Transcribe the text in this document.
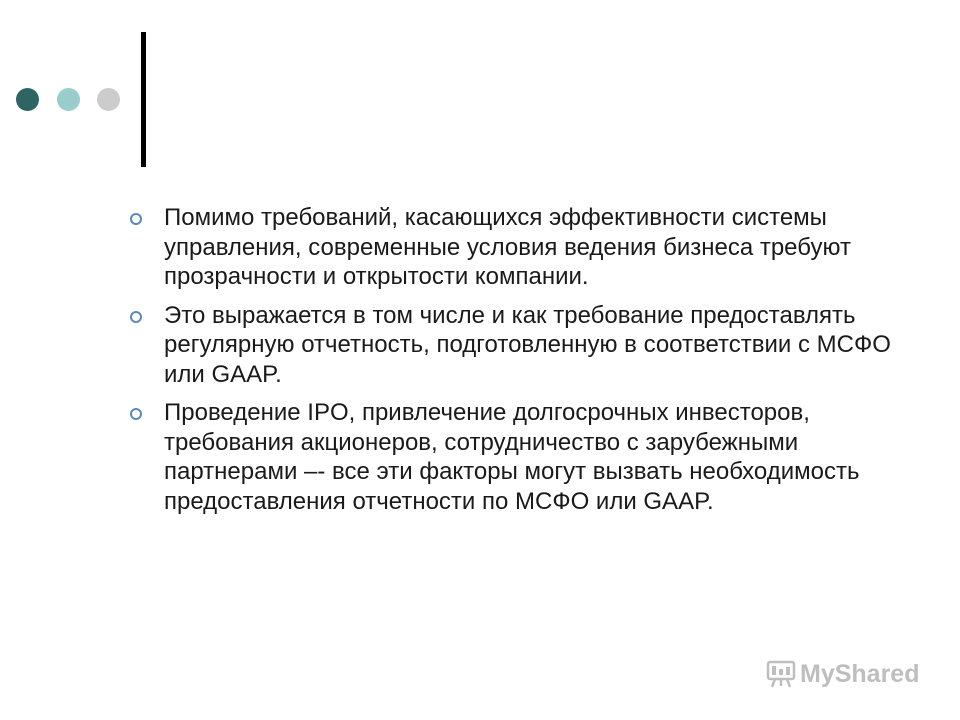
Помимо требований, касающихся эффективности системы управления, современные условия ведения бизнеса требуют прозрачности и открытости компании.
Это выражается в том числе и как требование предоставлять регулярную отчетность, подготовленную в соответствии с МСФО или GAAP.
Проведение IPO, привлечение долгосрочных инвесторов, требования акционеров, сотрудничество с зарубежными партнерами –- все эти факторы могут вызвать необходимость предоставления отчетности по МСФО или GAAP.
MyShared
